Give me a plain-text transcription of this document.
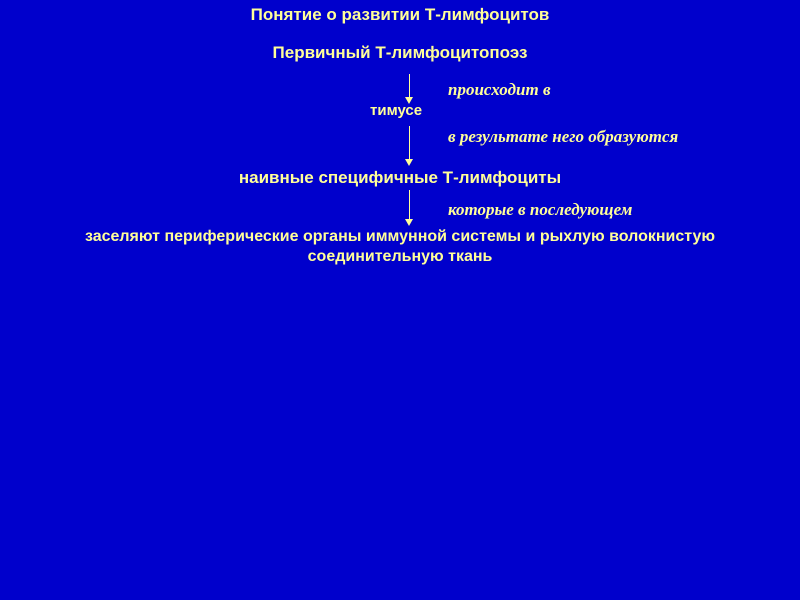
Понятие о развитии Т-лимфоцитов
Первичный Т-лимфоцитопоэз
происходит в
тимусе
в результате него образуются
наивные специфичные Т-лимфоциты
которые в последующем
заселяют периферические органы иммунной системы и рыхлую волокнистую соединительную ткань
